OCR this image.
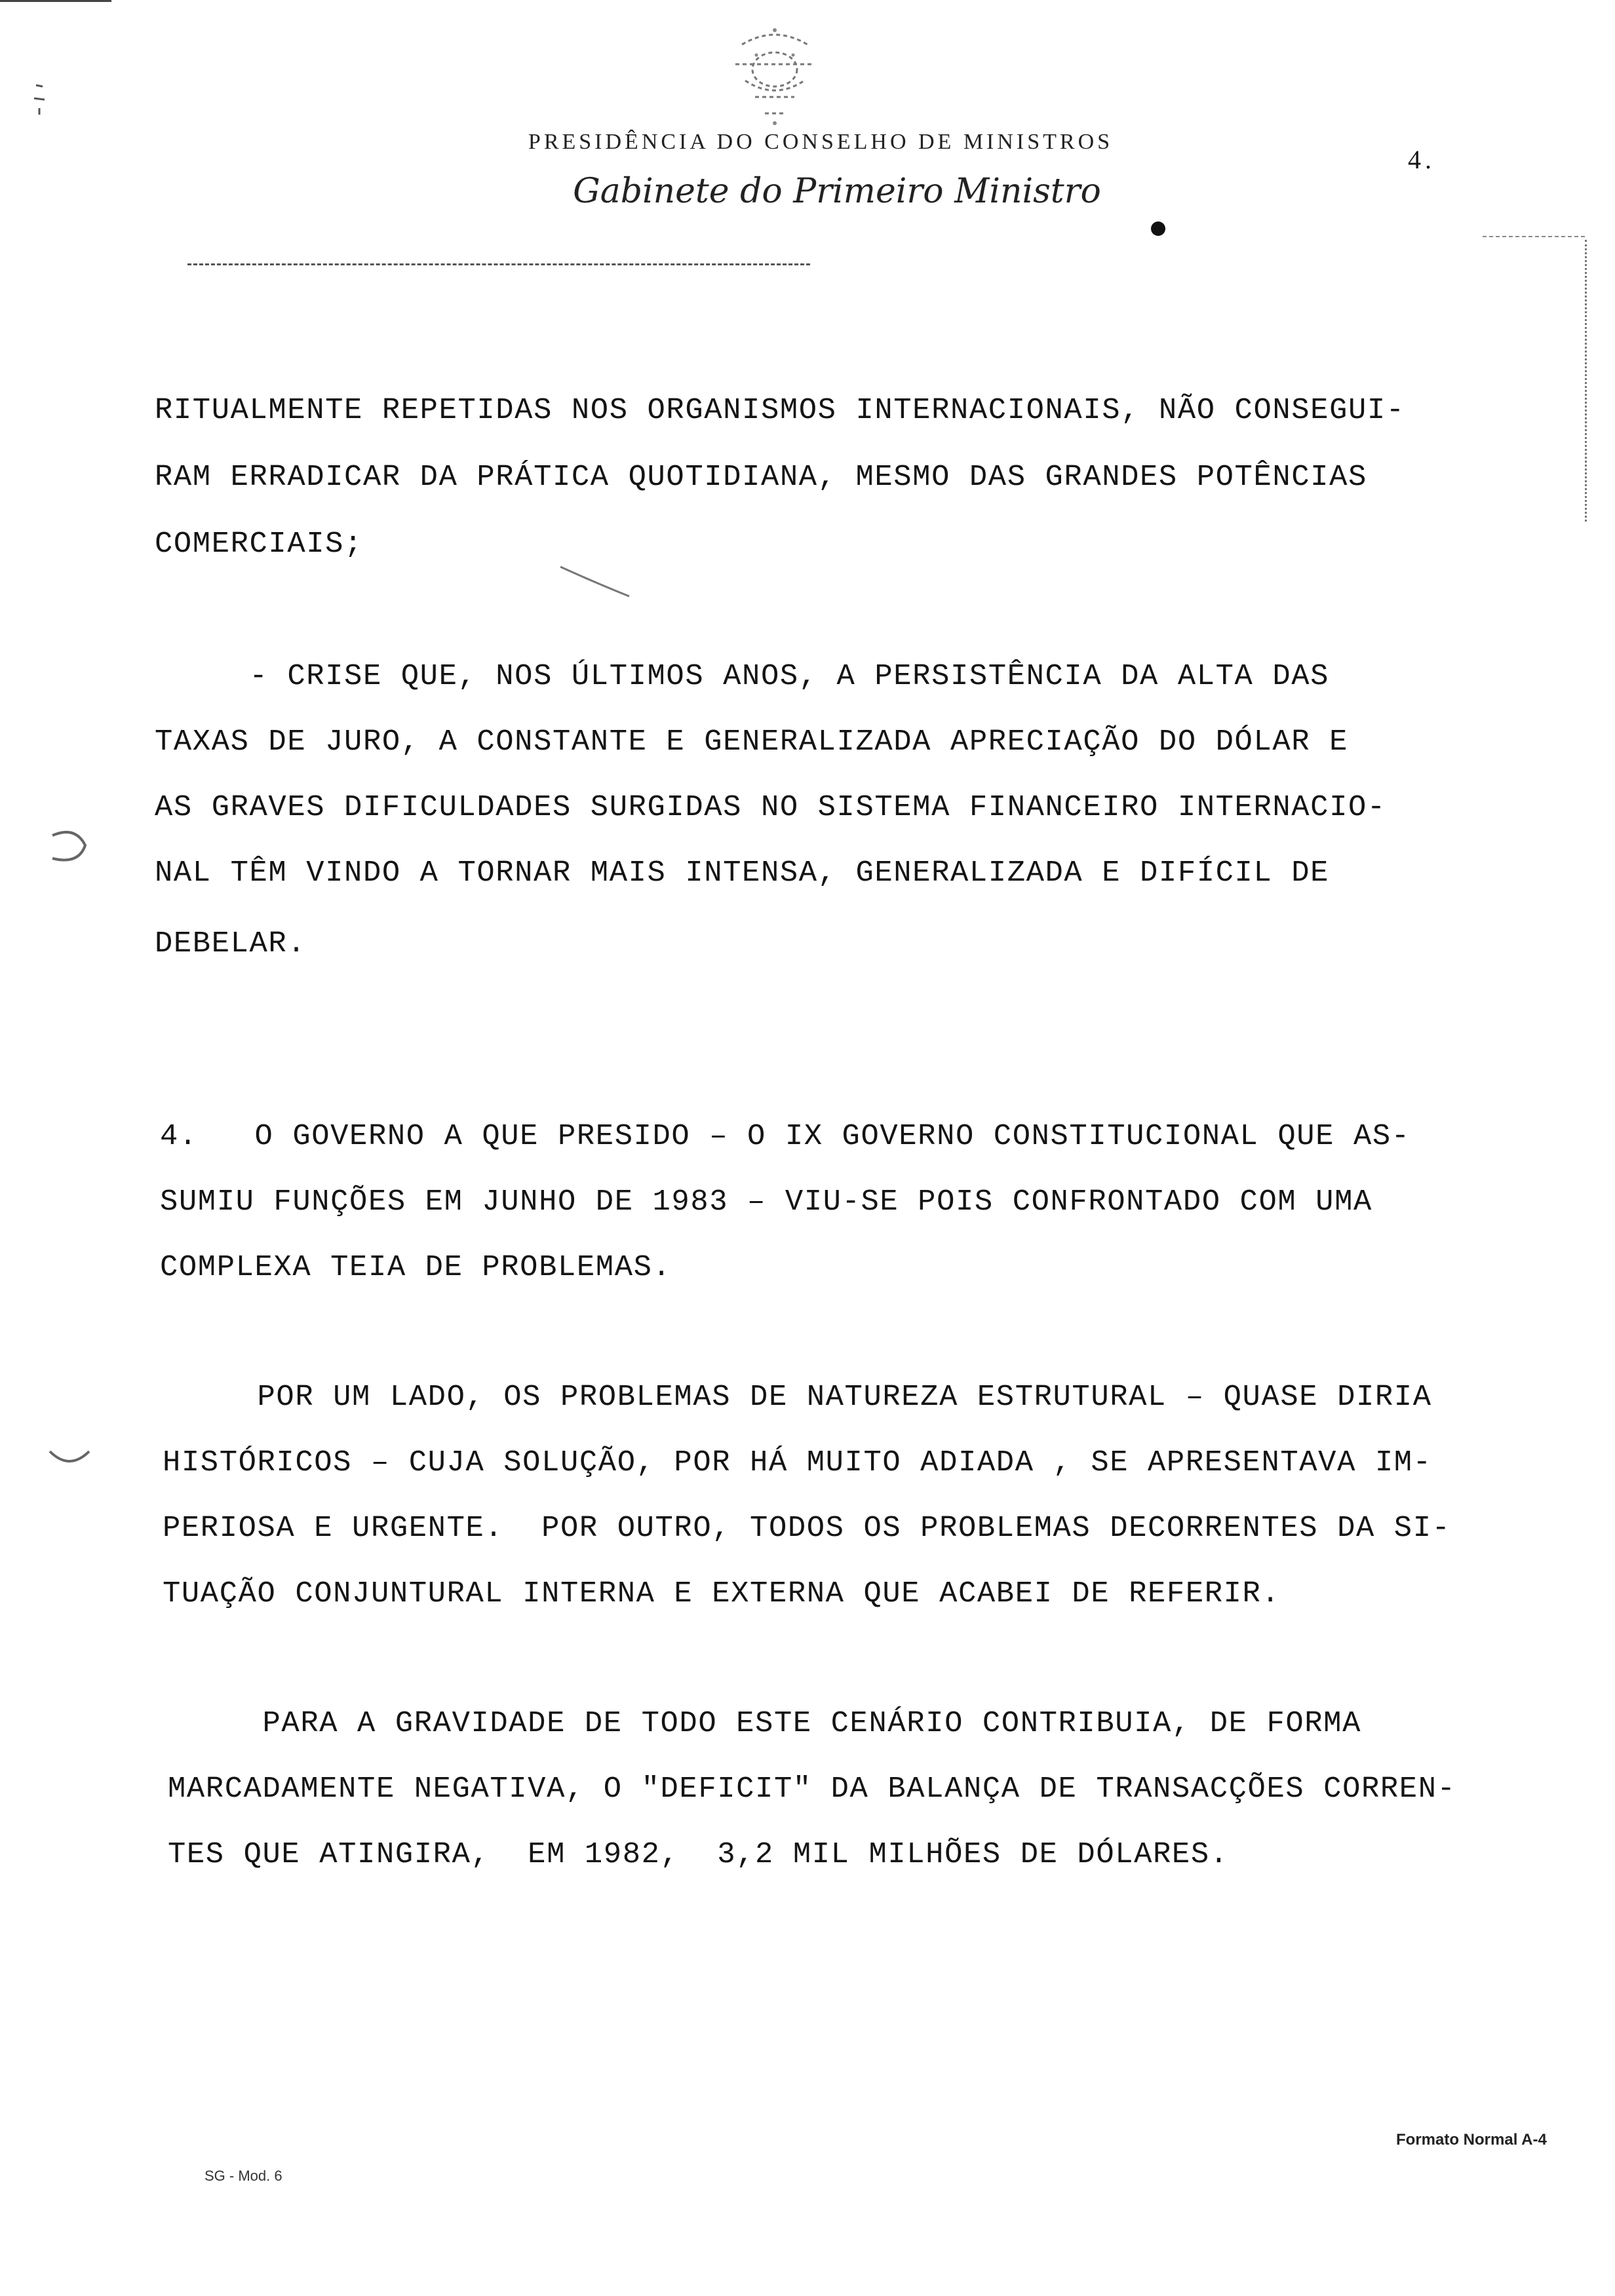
PRESIDÊNCIA DO CONSELHO DE MINISTROS
Gabinete do Primeiro Ministro
4.
RITUALMENTE REPETIDAS NOS ORGANISMOS INTERNACIONAIS, NÃO CONSEGUI-
RAM ERRADICAR DA PRÁTICA QUOTIDIANA, MESMO DAS GRANDES POTÊNCIAS
COMERCIAIS;
- CRISE QUE, NOS ÚLTIMOS ANOS, A PERSISTÊNCIA DA ALTA DAS
TAXAS DE JURO, A CONSTANTE E GENERALIZADA APRECIAÇÃO DO DÓLAR E
AS GRAVES DIFICULDADES SURGIDAS NO SISTEMA FINANCEIRO INTERNACIO-
NAL TÊM VINDO A TORNAR MAIS INTENSA, GENERALIZADA E DIFÍCIL DE
DEBELAR.
4.   O GOVERNO A QUE PRESIDO – O IX GOVERNO CONSTITUCIONAL QUE AS-
SUMIU FUNÇÕES EM JUNHO DE 1983 – VIU-SE POIS CONFRONTADO COM UMA
COMPLEXA TEIA DE PROBLEMAS.
POR UM LADO, OS PROBLEMAS DE NATUREZA ESTRUTURAL – QUASE DIRIA
HISTÓRICOS – CUJA SOLUÇÃO, POR HÁ MUITO ADIADA , SE APRESENTAVA IM-
PERIOSA E URGENTE.  POR OUTRO, TODOS OS PROBLEMAS DECORRENTES DA SI-
TUAÇÃO CONJUNTURAL INTERNA E EXTERNA QUE ACABEI DE REFERIR.
PARA A GRAVIDADE DE TODO ESTE CENÁRIO CONTRIBUIA, DE FORMA
MARCADAMENTE NEGATIVA, O "DEFICIT" DA BALANÇA DE TRANSACÇÕES CORREN-
TES QUE ATINGIRA,  EM 1982,  3,2 MIL MILHÕES DE DÓLARES.
SG - Mod. 6
Formato Normal A-4
